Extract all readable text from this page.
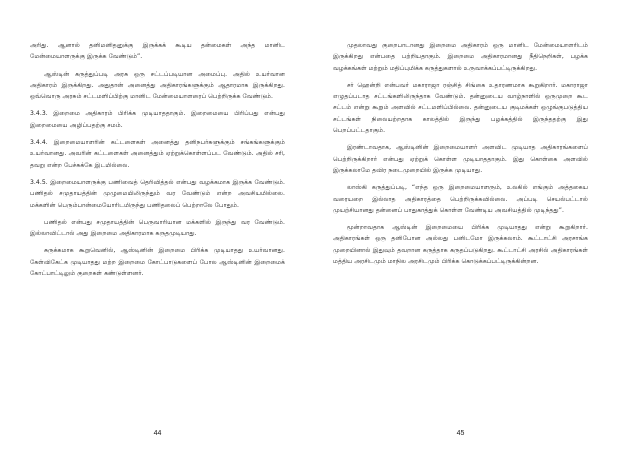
அரிது. ஆனால் தனிமனிதனுக்கு இருக்கக் கூடிய தன்மைகள் அந்த மானிட மேன்மையாளருக்கு இருக்க வேண்டும்”.

ஆஸ்டின் கருத்துப்படி அரசு ஒரு சட்டப்படியான அமைப்பு. அதில் உயர்வான அதிகாரம் இருக்கிறது. அதுதான் அனைத்து அதிகாரங்களுக்கும் ஆதாரமாக இருக்கிறது. ஒவ்வொரு அரசும் சட்டமளிப்பிற்கு மானிட மேன்மையாளரைப் பெற்றிருக்க வேண்டும்.

3.4.3. இறைமை அதிகாரம் பிரிக்க முடியாததாகும். இறைமையை பிரிப்பது என்பது இறைமையை அழிப்பதற்கு சமம்.

3.4.4. இறைமையாளரின் கட்டளைகள் அனைத்து தனிநபர்களுக்கும் சங்கங்களுக்கும் உயர்வானது. அவரின் கட்டளைகள் அனைத்தும் ஏற்றுக்கொள்ளப்பட வேண்டும். அதில் சரி, தவறு என்ற பேச்சுக்கே இடமில்லை.

3.4.5. இறைமையாளருக்கு பணிவைத் தெரிவித்தல் என்பது வழக்கமாக இருக்க வேண்டும். பணிதல் சமுதாயத்தின் முழுமையிலிருந்தும் வர வேண்டும் என்ற அவசியமில்லை. மக்களின் பெரும்பான்மையோரிடமிருந்து பணிதலைப் பெற்றாலே போதும்.

பணிதல் என்பது சமுதாயத்தின் பெருவாரியான மக்களில் இருந்து வர வேண்டும். இல்லாவிட்டால் அது இறைமை அதிகாரமாக கருதமுடியாது.

சுருக்கமாக கூறுவெனில், ஆஸ்டினின் இறைமை பிரிக்க முடியாதது உயர்வானது. கேள்விகேட்க முடியாதது மற்ற இறைமை கோட்பாடுகளைப் போல ஆஸ்டினின் இறைமைக் கோட்பாட்டிலும் குறைகள் கண்டுள்ளனர்.

44

முதலாவது குறைபாடானது இறைமை அதிகாரம் ஒரு மானிட மேன்மையாளரிடம் இருக்கிறது என்பதை பற்றியதாகும். இறைமை அதிகாரமானது நீதிநெறிகள், பழக்க வழக்கங்கள் மற்றும் மதிப்புமிக்க கருத்துகளால் உருவாக்கப்பட்டிருக்கிறது.

சர் ஹென்றி என்பவர் மகாராஜா ரஞ்சித் சிங்கை உதாரணமாக கூறுகிறார். மகாராஜா எழுதப்படாத சட்டங்களிலிருந்தாக வேண்டும். தன்னுடைய வாழ்நாளில் ஒருமுறை கூட சட்டம் என்று கூறும் அளவில் சட்டமளிப்பில்லை. தன்னுடைய குடிமக்கள் ஒழுங்குபடுத்திய சட்டங்கள் நிலையற்றதாக காலத்தில் இருந்து பழக்கத்தில் இருந்ததற்கு இது பெறப்பட்டதாகும்.

இரண்டாவதாக, ஆஸ்டினின் இறைமையாளர் அளவிட முடியாத அதிகாரங்களைப் பெற்றிருக்கிறார் என்பது ஏற்றுக் கொள்ள முடியாததாகும். இது கொள்கை அளவில் இருக்கலாமே தவிர நடைமுறையில் இருக்க முடியாது.

லாஸ்கி கருத்துப்படி, “எந்த ஒரு இறைமையாளரும், உலகில் எங்கும் அத்தகைய வரையறை இல்லாத அதிகாரத்தை பெற்றிருக்கவில்லை. அப்படி செயல்பட்டால் முயற்சியானது தன்னைப் பாதுகாத்துக் கொள்ள வேண்டிய அவசியத்தில் முடிந்தது”.

மூன்றாவதாக ஆஸ்டின் இறைமையை பிரிக்க முடியாதது என்று கூறுகிறார். அதிகாரங்கள் ஒரு தனிபோன அல்லது பனிடமோ இருக்கலாம். கூட்டாட்சி அரசாங்க முறையினால் இதுவும் தவறான கருத்தாக கருதப்படுகிறது. கூட்டாட்சி அரசில் அதிகாரங்கள் மத்திய அரசிடமும் மாநில அரசிடமும் பிரிக்க கொடுக்கப்பட்டிருக்கின்றன.

45
